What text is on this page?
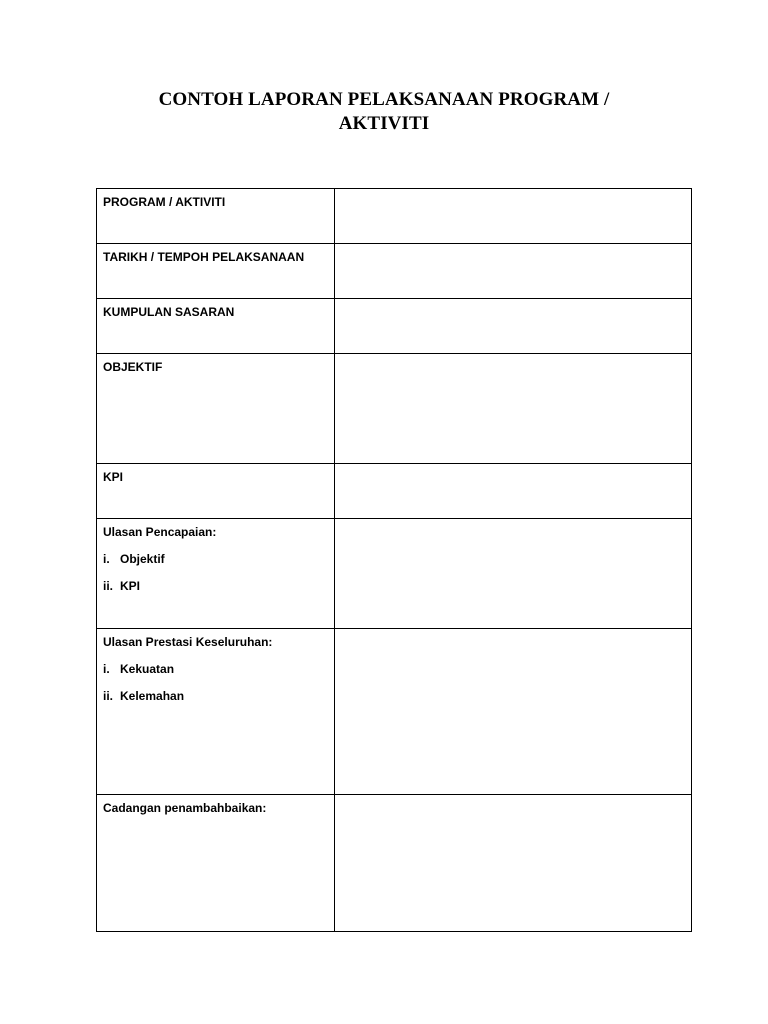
CONTOH LAPORAN PELAKSANAAN PROGRAM /
AKTIVITI
PROGRAM / AKTIVITI	
TARIKH / TEMPOH PELAKSANAAN	
KUMPULAN SASARAN	
OBJEKTIF	
KPI	
Ulasan Pencapaian:
i. Objektif
ii. KPI	

Ulasan Prestasi Keseluruhan:
i. Kekuatan
ii. Kelemahan	

Cadangan penambahbaikan:	
